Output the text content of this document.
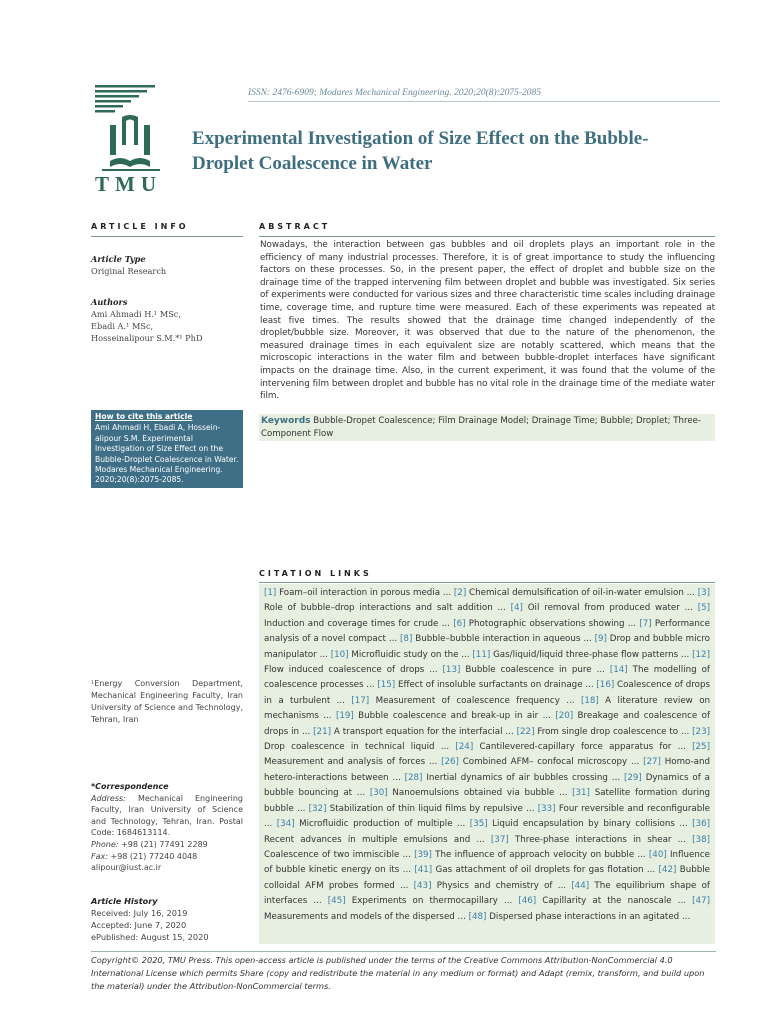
ISSN: 2476-6909; Modares Mechanical Engineering. 2020;20(8):2075-2085
TMU
Experimental Investigation of Size Effect on the Bubble-
Droplet Coalescence in Water
ARTICLE INFO	ABSTRACT
Article Type
Original Research
Authors
Ami Ahmadi H.¹ MSc,
Ebadi A.¹ MSc,
Hosseinalipour S.M.*¹ PhD
Nowadays, the interaction between gas bubbles and oil droplets plays an important role in the efficiency of many industrial processes. Therefore, it is of great importance to study the influencing factors on these processes. So, in the present paper, the effect of droplet and bubble size on the drainage time of the trapped intervening film between droplet and bubble was investigated. Six series of experiments were conducted for various sizes and three characteristic time scales including drainage time, coverage time, and rupture time were measured. Each of these experiments was repeated at least five times. The results showed that the drainage time changed independently of the droplet/bubble size. Moreover, it was observed that due to the nature of the phenomenon, the measured drainage times in each equivalent size are notably scattered, which means that the microscopic interactions in the water film and between bubble-droplet interfaces have significant impacts on the drainage time. Also, in the current experiment, it was found that the volume of the intervening film between droplet and bubble has no vital role in the drainage time of the mediate water film.
Keywords Bubble-Dropet Coalescence; Film Drainage Model; Drainage Time; Bubble; Droplet; Three-Component Flow
How to cite this article
Ami Ahmadi H, Ebadi A, Hossein-alipour S.M. Experimental Investigation of Size Effect on the Bubble-Droplet Coalescence in Water. Modares Mechanical Engineering. 2020;20(8):2075-2085.
CITATION LINKS
[1] Foam–oil interaction in porous media ... [2] Chemical demulsification of oil-in-water emulsion ... [3] Role of bubble–drop interactions and salt addition ... [4] Oil removal from produced water ... [5] Induction and coverage times for crude ... [6] Photographic observations showing ... [7] Performance analysis of a novel compact ... [8] Bubble–bubble interaction in aqueous ... [9] Drop and bubble micro manipulator ... [10] Microfluidic study on the ... [11] Gas/liquid/liquid three-phase flow patterns ... [12] Flow induced coalescence of drops ... [13] Bubble coalescence in pure ... [14] The modelling of coalescence processes ... [15] Effect of insoluble surfactants on drainage ... [16] Coalescence of drops in a turbulent ... [17] Measurement of coalescence frequency ... [18] A literature review on mechanisms ... [19] Bubble coalescence and break-up in air ... [20] Breakage and coalescence of drops in ... [21] A transport equation for the interfacial ... [22] From single drop coalescence to ... [23] Drop coalescence in technical liquid ... [24] Cantilevered-capillary force apparatus for ... [25] Measurement and analysis of forces ... [26] Combined AFM– confocal microscopy ... [27] Homo-and hetero-interactions between ... [28] Inertial dynamics of air bubbles crossing ... [29] Dynamics of a bubble bouncing at ... [30] Nanoemulsions obtained via bubble ... [31] Satellite formation during bubble ... [32] Stabilization of thin liquid films by repulsive ... [33] Four reversible and reconfigurable ... [34] Microfluidic production of multiple ... [35] Liquid encapsulation by binary collisions ... [36] Recent advances in multiple emulsions and ... [37] Three-phase interactions in shear ... [38] Coalescence of two immiscible ... [39] The influence of approach velocity on bubble ... [40] Influence of bubble kinetic energy on its ... [41] Gas attachment of oil droplets for gas flotation ... [42] Bubble colloidal AFM probes formed ... [43] Physics and chemistry of ... [44] The equilibrium shape of interfaces ... [45] Experiments on thermocapillary ... [46] Capillarity at the nanoscale ... [47] Measurements and models of the dispersed ... [48] Dispersed phase interactions in an agitated ...
¹Energy Conversion Department, Mechanical Engineering Faculty, Iran University of Science and Technology, Tehran, Iran
*Correspondence
Address: Mechanical Engineering Faculty, Iran University of Science and Technology, Tehran, Iran. Postal Code: 1684613114.
Phone: +98 (21) 77491 2289
Fax: +98 (21) 77240 4048
alipour@iust.ac.ir
Article History
Received: July 16, 2019
Accepted: June 7, 2020
ePublished: August 15, 2020
Copyright© 2020, TMU Press. This open-access article is published under the terms of the Creative Commons Attribution-NonCommercial 4.0 International License which permits Share (copy and redistribute the material in any medium or format) and Adapt (remix, transform, and build upon the material) under the Attribution-NonCommercial terms.
